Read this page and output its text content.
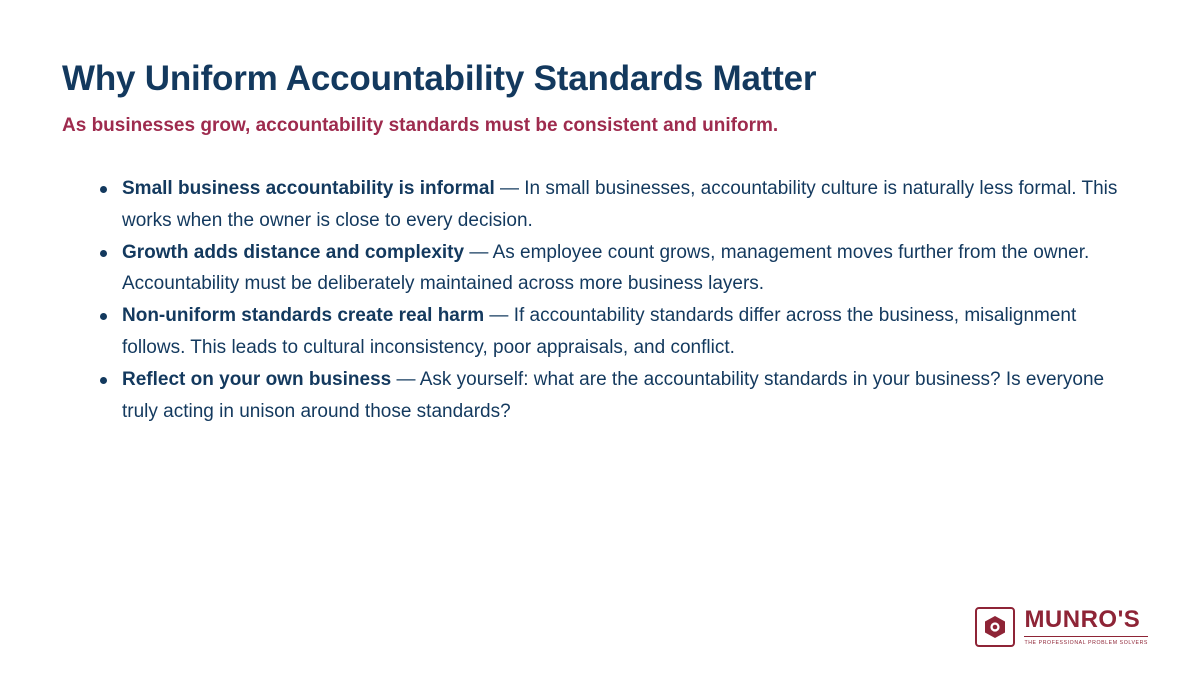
Why Uniform Accountability Standards Matter
As businesses grow, accountability standards must be consistent and uniform.
Small business accountability is informal — In small businesses, accountability culture is naturally less formal. This works when the owner is close to every decision.
Growth adds distance and complexity — As employee count grows, management moves further from the owner. Accountability must be deliberately maintained across more business layers.
Non-uniform standards create real harm — If accountability standards differ across the business, misalignment follows. This leads to cultural inconsistency, poor appraisals, and conflict.
Reflect on your own business — Ask yourself: what are the accountability standards in your business? Is everyone truly acting in unison around those standards?
MUNRO'S
THE PROFESSIONAL PROBLEM SOLVERS
